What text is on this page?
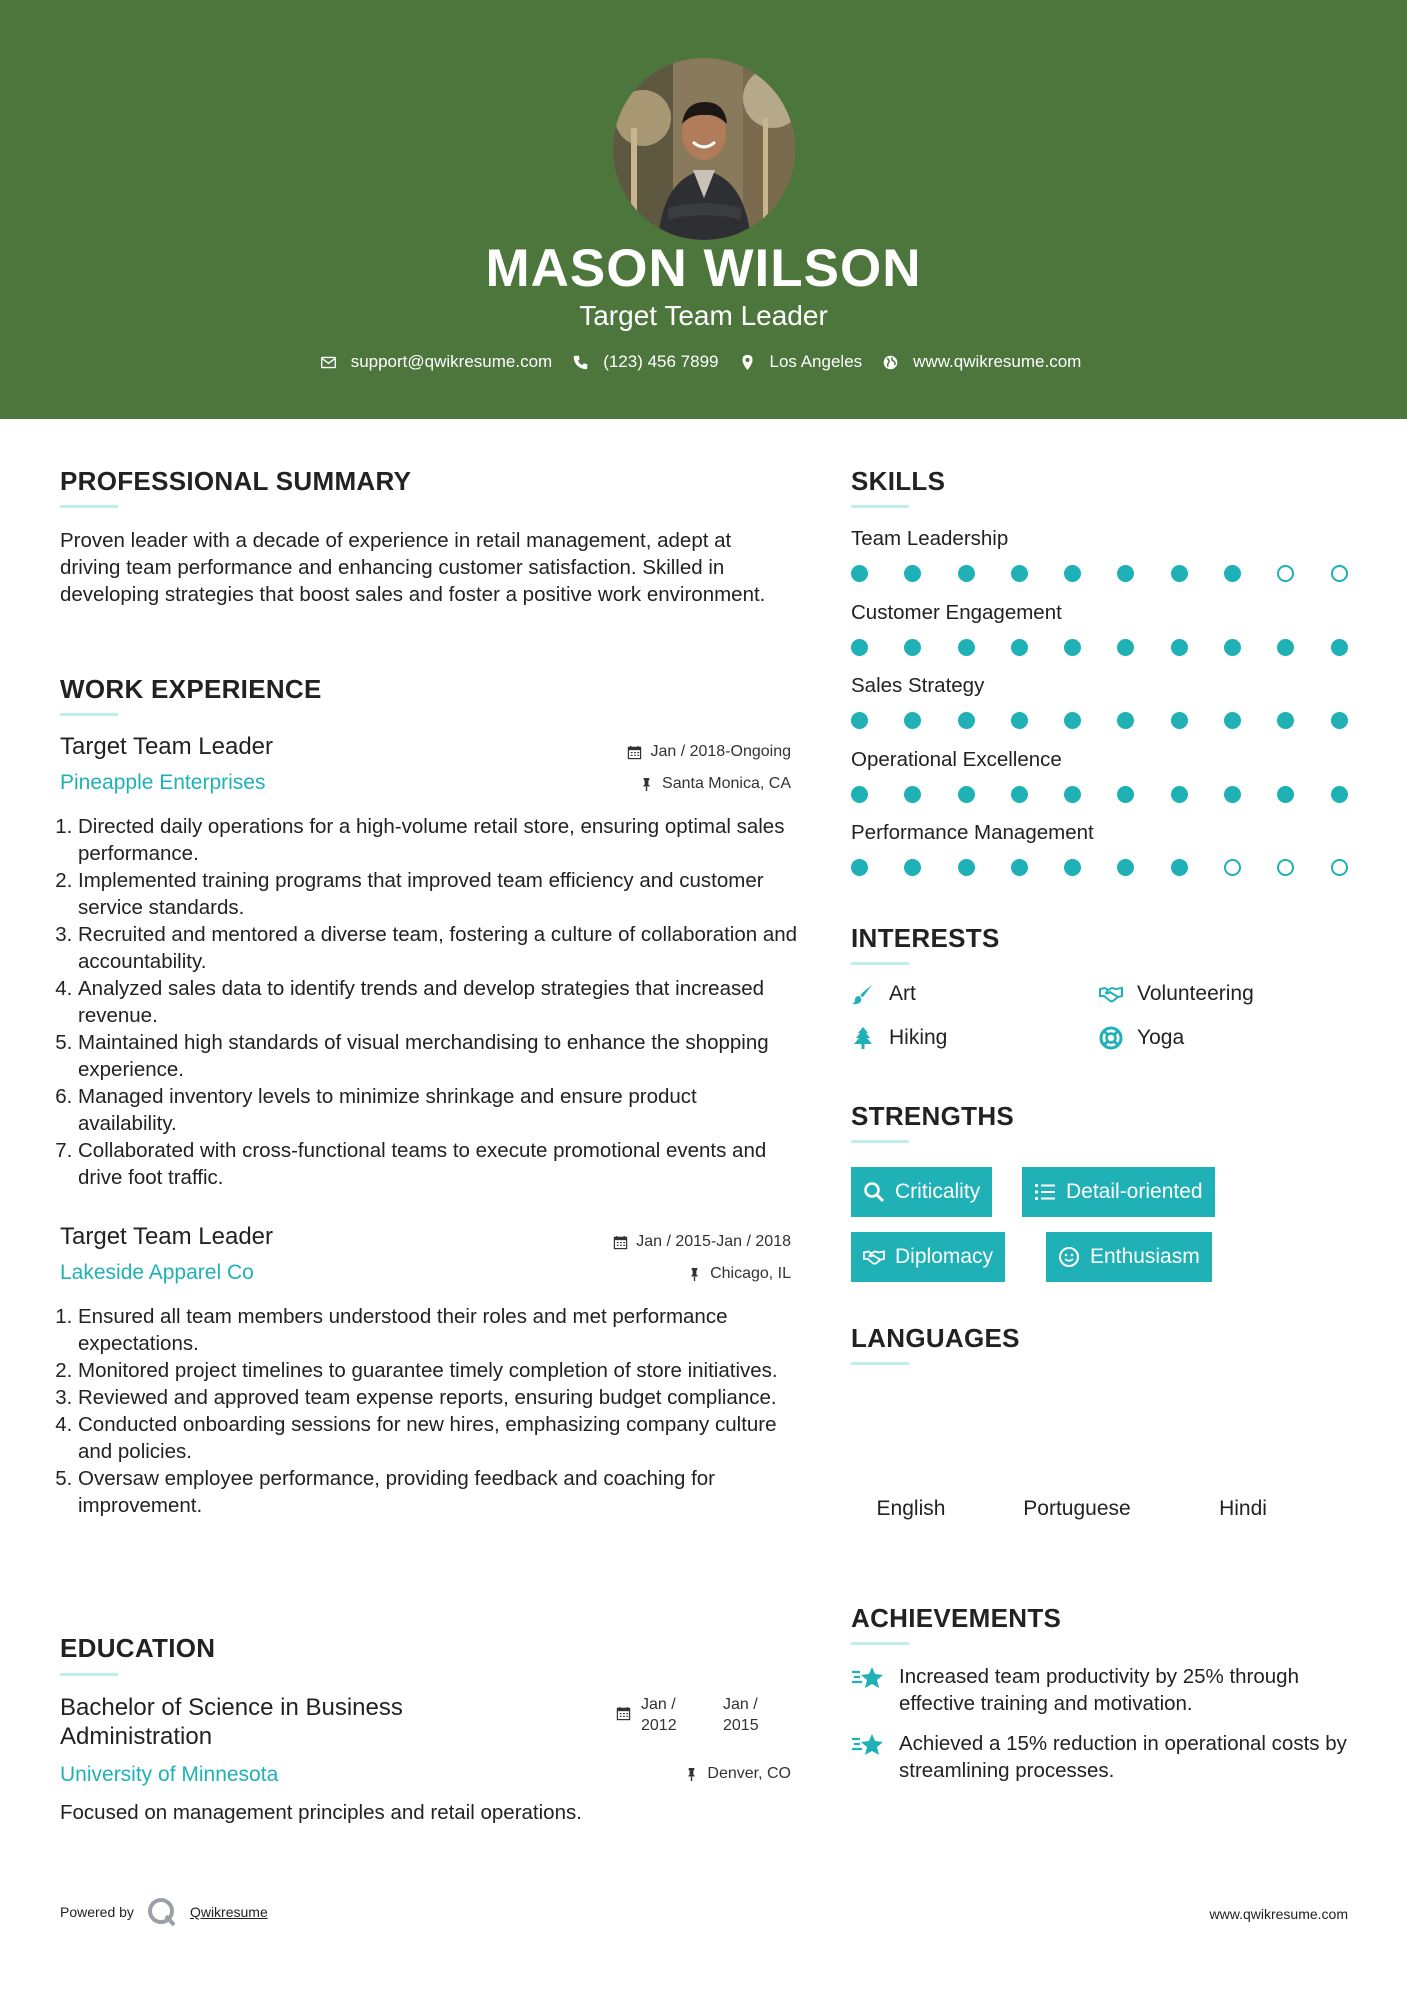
MASON WILSON
Target Team Leader
support@qwikresume.com	(123) 456 7899	Los Angeles	www.qwikresume.com
PROFESSIONAL SUMMARY
Proven leader with a decade of experience in retail management, adept at driving team performance and enhancing customer satisfaction. Skilled in developing strategies that boost sales and foster a positive work environment.
WORK EXPERIENCE
Target Team Leader	Jan / 2018-Ongoing
Pineapple Enterprises	Santa Monica, CA
1. Directed daily operations for a high-volume retail store, ensuring optimal sales performance.
2. Implemented training programs that improved team efficiency and customer service standards.
3. Recruited and mentored a diverse team, fostering a culture of collaboration and accountability.
4. Analyzed sales data to identify trends and develop strategies that increased revenue.
5. Maintained high standards of visual merchandising to enhance the shopping experience.
6. Managed inventory levels to minimize shrinkage and ensure product availability.
7. Collaborated with cross-functional teams to execute promotional events and drive foot traffic.
Target Team Leader	Jan / 2015-Jan / 2018
Lakeside Apparel Co	Chicago, IL
1. Ensured all team members understood their roles and met performance expectations.
2. Monitored project timelines to guarantee timely completion of store initiatives.
3. Reviewed and approved team expense reports, ensuring budget compliance.
4. Conducted onboarding sessions for new hires, emphasizing company culture and policies.
5. Oversaw employee performance, providing feedback and coaching for improvement.
EDUCATION
Bachelor of Science in Business Administration
Jan / 2012
Jan / 2015
University of Minnesota	Denver, CO
Focused on management principles and retail operations.
SKILLS
Team Leadership
Customer Engagement
Sales Strategy
Operational Excellence
Performance Management
INTERESTS
Art	Volunteering
Hiking	Yoga
STRENGTHS
Criticality	Detail-oriented
Diplomacy	Enthusiasm
LANGUAGES
English	Portuguese	Hindi
ACHIEVEMENTS
Increased team productivity by 25% through effective training and motivation.
Achieved a 15% reduction in operational costs by streamlining processes.
Powered by	Qwikresume	www.qwikresume.com
